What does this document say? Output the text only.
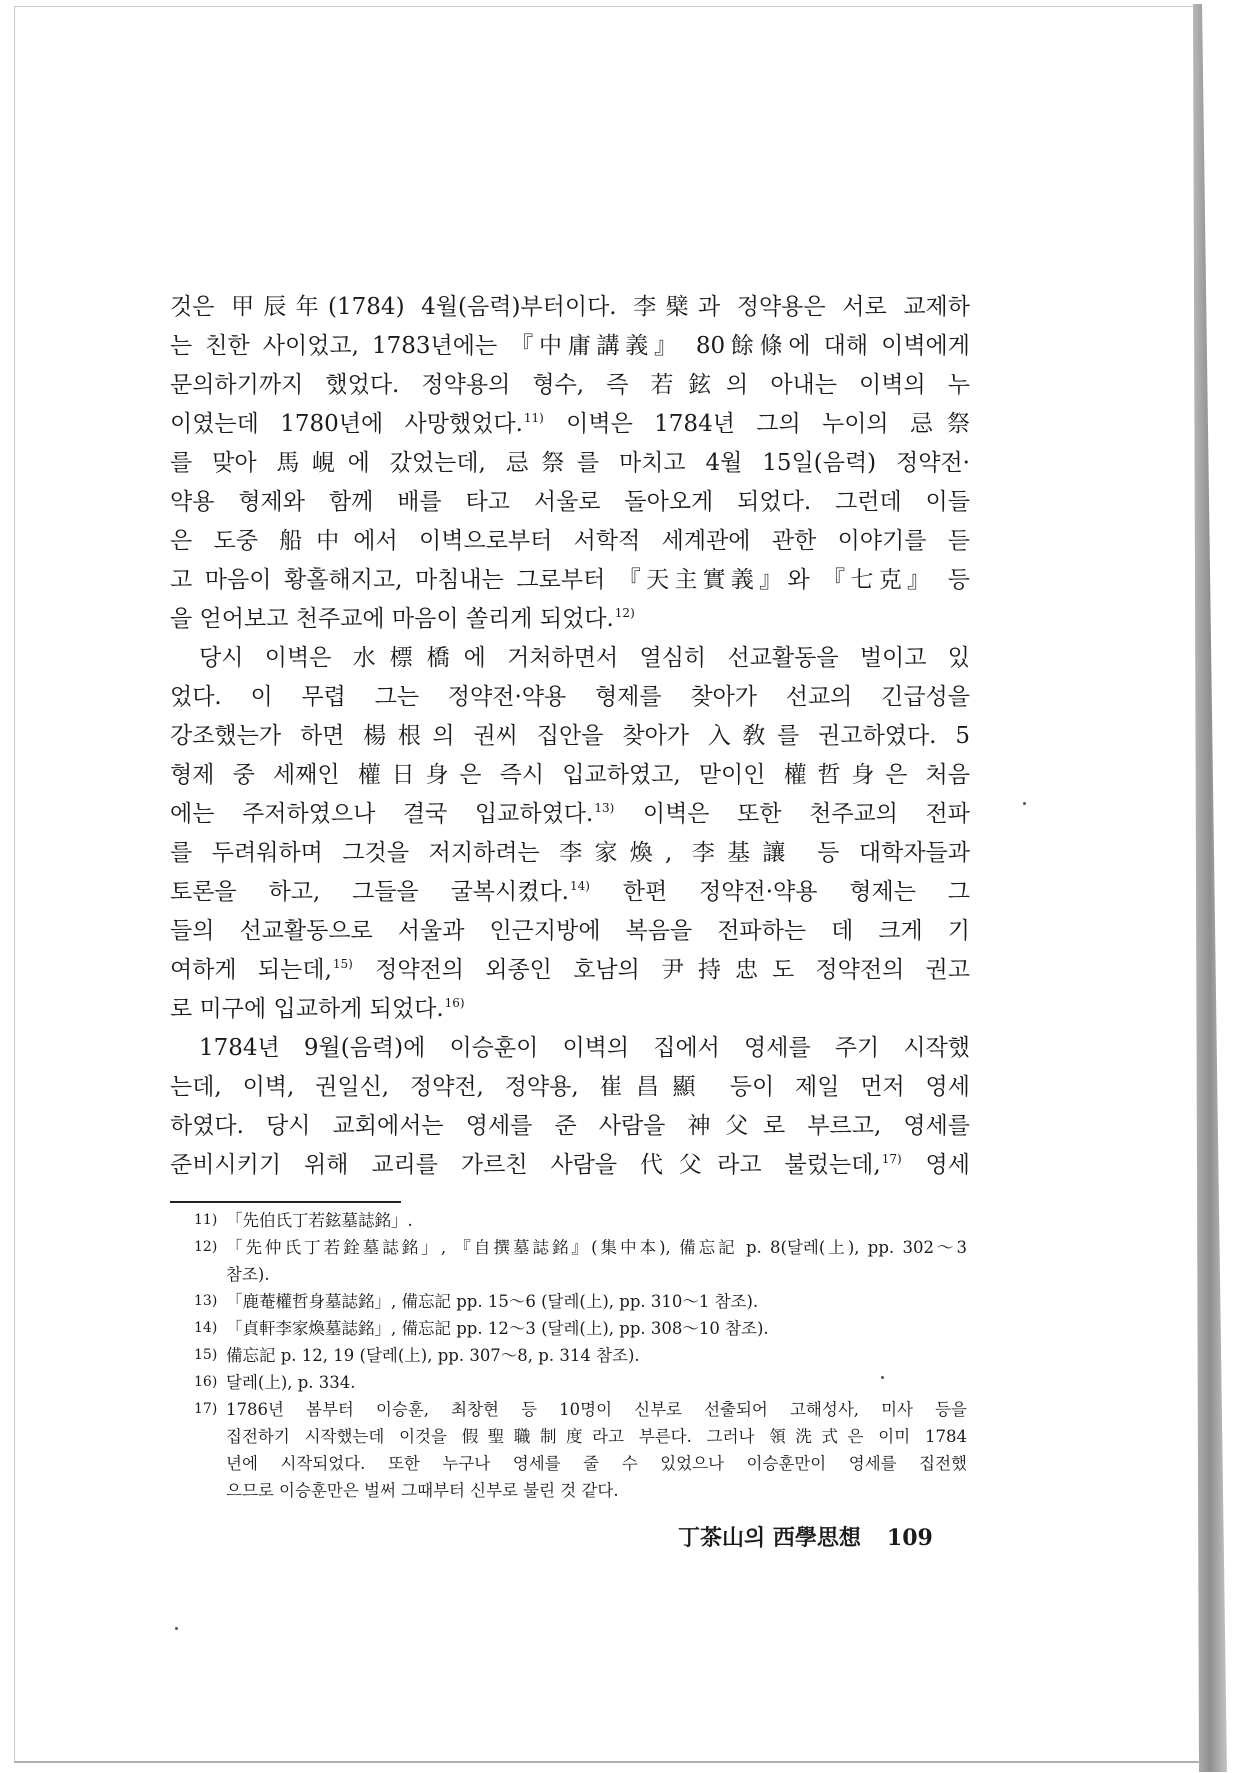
것은 甲辰年(1784) 4월(음력)부터이다. 李檗과 정약용은 서로 교제하
는 친한 사이었고, 1783년에는 『中庸講義』 80餘條에 대해 이벽에게
문의하기까지 했었다. 정약용의 형수, 즉 若鉉의 아내는 이벽의 누
이였는데 1780년에 사망했었다.$^{11)}$ 이벽은 1784년 그의 누이의 忌祭
를 맞아 馬峴에 갔었는데, 忌祭를 마치고 4월 15일(음력) 정약전·
약용 형제와 함께 배를 타고 서울로 돌아오게 되었다. 그런데 이들
은 도중 船中에서 이벽으로부터 서학적 세계관에 관한 이야기를 듣
고 마음이 황홀해지고, 마침내는 그로부터 『天主實義』와 『七克』 등
을 얻어보고 천주교에 마음이 쏠리게 되었다.$^{12)}$
당시 이벽은 水標橋에 거처하면서 열심히 선교활동을 벌이고 있
었다. 이 무렵 그는 정약전·약용 형제를 찾아가 선교의 긴급성을
강조했는가 하면 楊根의 권씨 집안을 찾아가 入敎를 권고하였다. 5
형제 중 세째인 權日身은 즉시 입교하였고, 맏이인 權哲身은 처음
에는 주저하였으나 결국 입교하였다.$^{13)}$ 이벽은 또한 천주교의 전파
를 두려워하며 그것을 저지하려는 李家煥, 李基讓 등 대학자들과
토론을 하고, 그들을 굴복시켰다.$^{14)}$ 한편 정약전·약용 형제는 그
들의 선교활동으로 서울과 인근지방에 복음을 전파하는 데 크게 기
여하게 되는데,$^{15)}$ 정약전의 외종인 호남의 尹持忠도 정약전의 권고
로 미구에 입교하게 되었다.$^{16)}$
1784년 9월(음력)에 이승훈이 이벽의 집에서 영세를 주기 시작했
는데, 이벽, 권일신, 정약전, 정약용, 崔昌顯 등이 제일 먼저 영세
하였다. 당시 교회에서는 영세를 준 사람을 神父로 부르고, 영세를
준비시키기 위해 교리를 가르친 사람을 代父라고 불렀는데,$^{17)}$ 영세
11) 「先伯氏丁若鉉墓誌銘」.
12) 「先仲氏丁若銓墓誌銘」, 『自撰墓誌銘』(集中本), 備忘記 p. 8(달레(上), pp. 302～3
참조).
13) 「鹿菴權哲身墓誌銘」, 備忘記 pp. 15～6 (달레(上), pp. 310～1 참조).
14) 「貞軒李家煥墓誌銘」, 備忘記 pp. 12～3 (달레(上), pp. 308～10 참조).
15) 備忘記 p. 12, 19 (달레(上), pp. 307～8, p. 314 참조).
16) 달레(上), p. 334.
17) 1786년 봄부터 이승훈, 최창현 등 10명이 신부로 선출되어 고해성사, 미사 등을
집전하기 시작했는데 이것을 假聖職制度라고 부른다. 그러나 領洗式은 이미 1784
년에 시작되었다. 또한 누구나 영세를 줄 수 있었으나 이승훈만이 영세를 집전했
으므로 이승훈만은 벌써 그때부터 신부로 불린 것 같다.
丁茶山의 西學思想 109
